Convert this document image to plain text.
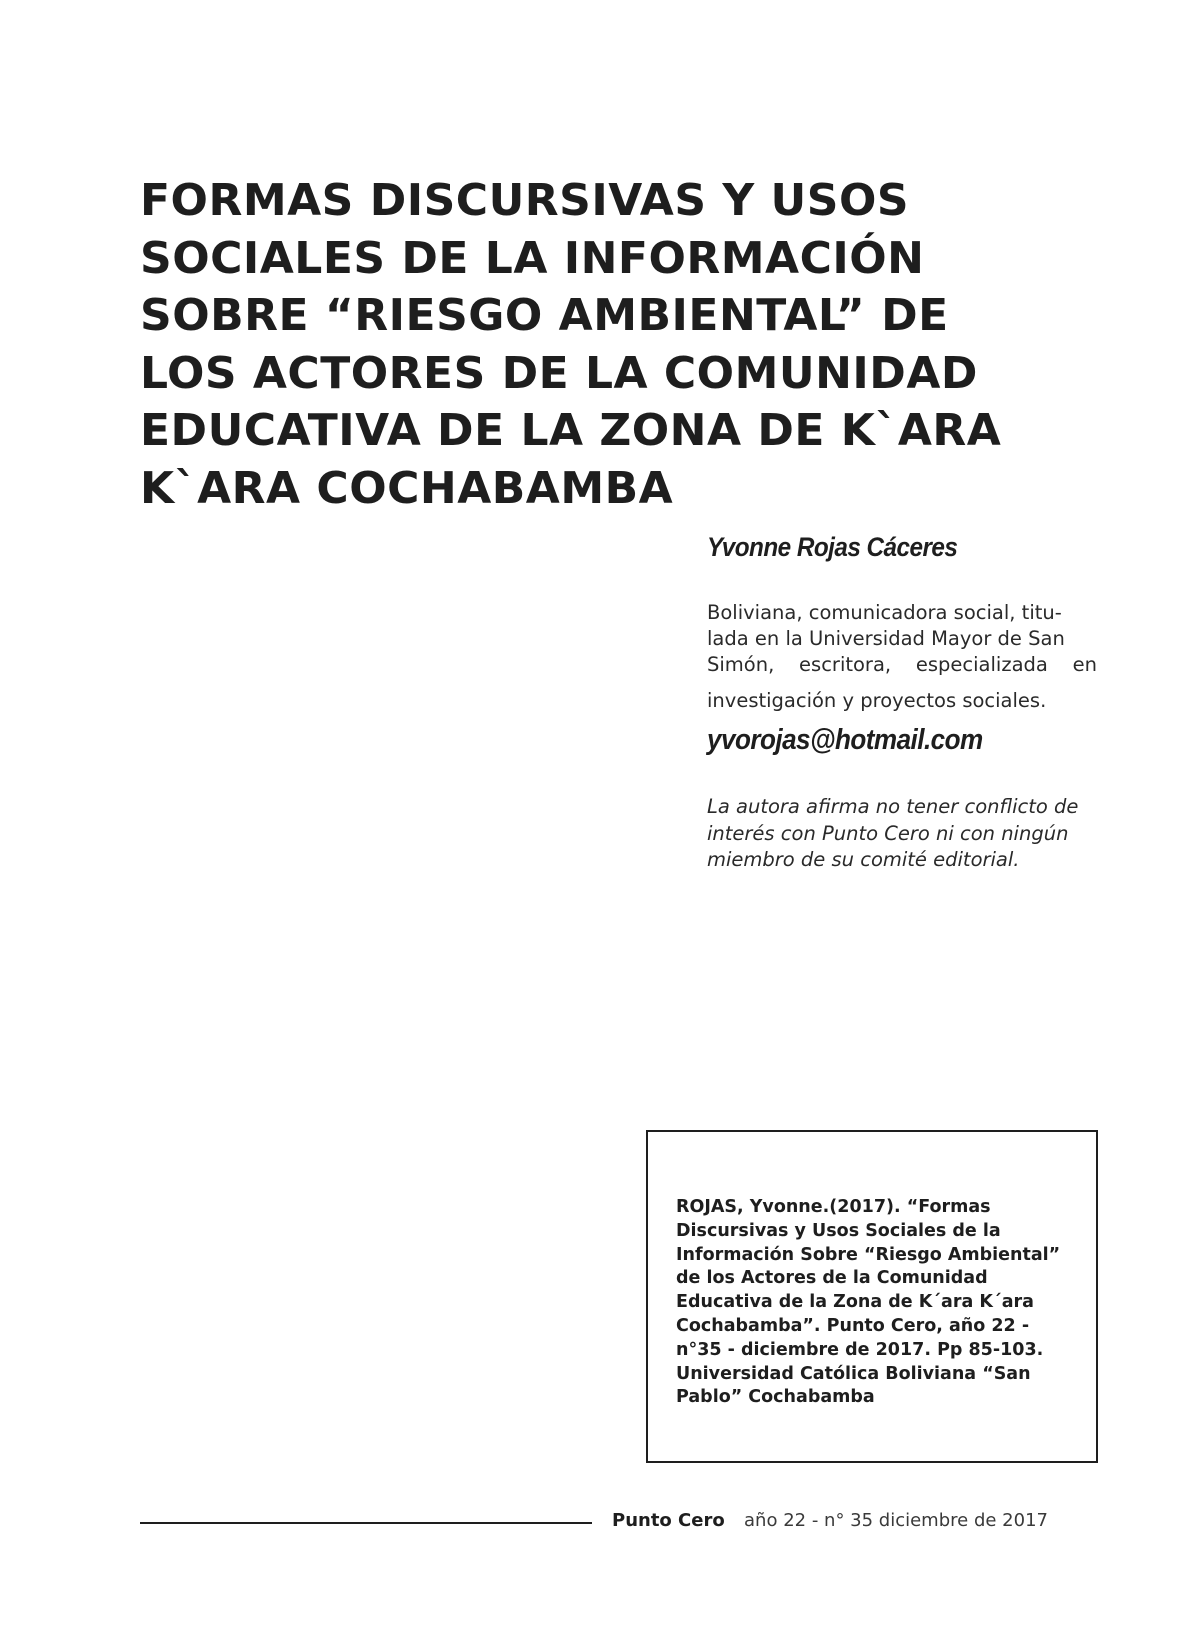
FORMAS DISCURSIVAS Y USOS
SOCIALES DE LA INFORMACIÓN
SOBRE “RIESGO AMBIENTAL” DE
LOS ACTORES DE LA COMUNIDAD
EDUCATIVA DE LA ZONA DE K`ARA
K`ARA COCHABAMBA
Yvonne Rojas Cáceres

Boliviana, comunicadora social, titu-
lada en la Universidad Mayor de San
Simón, escritora, especializada en
investigación y proyectos sociales.

yvorojas@hotmail.com

La autora afirma no tener conflicto de
interés con Punto Cero ni con ningún
miembro de su comité editorial.

ROJAS, Yvonne.(2017). “Formas
Discursivas y Usos Sociales de la
Información Sobre “Riesgo Ambiental”
de los Actores de la Comunidad
Educativa de la Zona de K´ara K´ara
Cochabamba”. Punto Cero, año 22 -
n°35 - diciembre de 2017. Pp 85-103.
Universidad Católica Boliviana “San
Pablo” Cochabamba

Punto Cero año 22 - n° 35 diciembre de 2017
